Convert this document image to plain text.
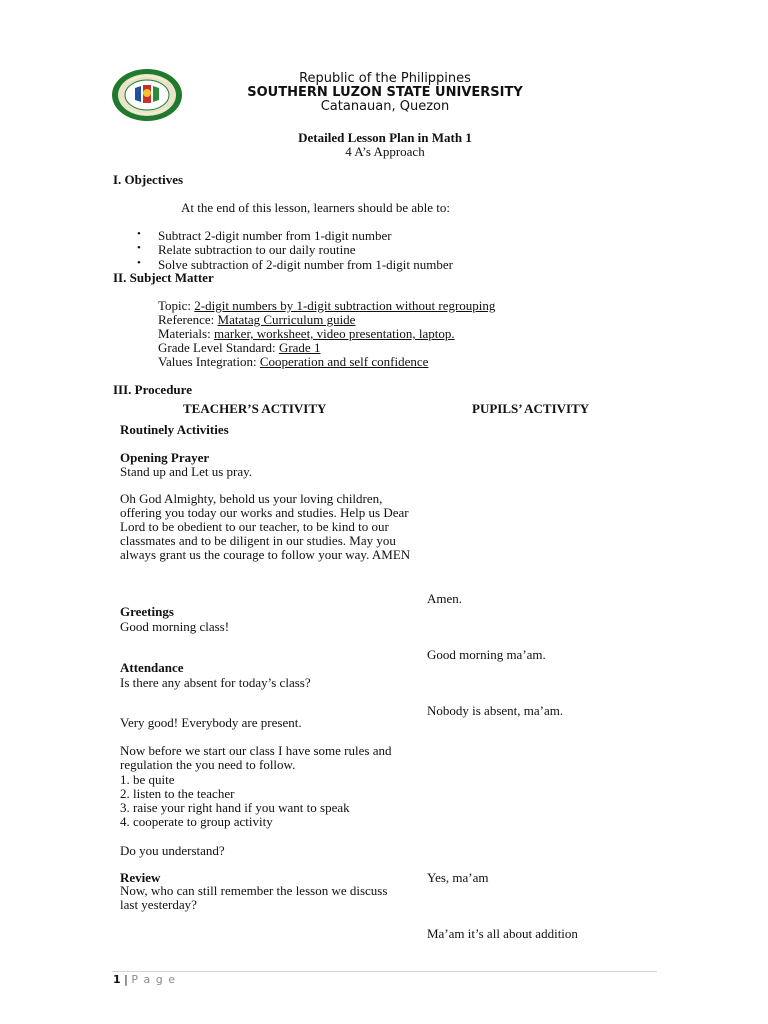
Republic of the Philippines
SOUTHERN LUZON STATE UNIVERSITY
Catanauan, Quezon
Detailed Lesson Plan in Math 1
4 A’s Approach
I. Objectives
At the end of this lesson, learners should be able to:
• Subtract 2-digit number from 1-digit number
• Relate subtraction to our daily routine
• Solve subtraction of 2-digit number from 1-digit number
II. Subject Matter
Topic: 2-digit numbers by 1-digit subtraction without regrouping
Reference: Matatag Curriculum guide
Materials: marker, worksheet, video presentation, laptop.
Grade Level Standard: Grade 1
Values Integration: Cooperation and self confidence
III. Procedure
TEACHER’S ACTIVITY	PUPILS’ ACTIVITY
Routinely Activities
Opening Prayer
Stand up and Let us pray.
Oh God Almighty, behold us your loving children, offering you today our works and studies. Help us Dear Lord to be obedient to our teacher, to be kind to our classmates and to be diligent in our studies. May you always grant us the courage to follow your way. AMEN
Amen.
Greetings
Good morning class!
Good morning ma’am.
Attendance
Is there any absent for today’s class?
Nobody is absent, ma’am.
Very good! Everybody are present.
Now before we start our class I have some rules and regulation the you need to follow.
1. be quite
2. listen to the teacher
3. raise your right hand if you want to speak
4. cooperate to group activity
Do you understand?
Review	Yes, ma’am
Now, who can still remember the lesson we discuss last yesterday?
Ma’am it’s all about addition
1 | P a g e
